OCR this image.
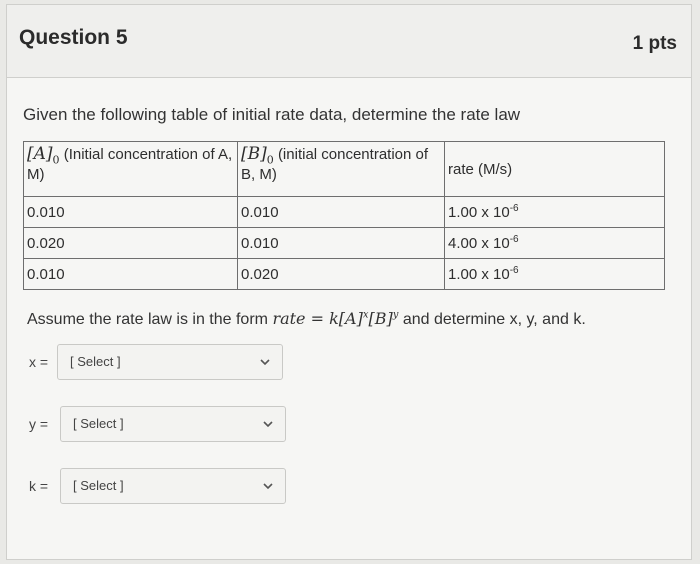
Question 5	1 pts
Given the following table of initial rate data, determine the rate law
$[A]_0$ (Initial concentration of A, M)	$[B]_0$ (initial concentration of B, M)	rate (M/s)
0.010	0.010	1.00 x $10^{-6}$
0.020	0.010	4.00 x $10^{-6}$
0.010	0.020	1.00 x $10^{-6}$
Assume the rate law is in the form rate = $k[A]^x[B]^y$ and determine x, y, and k.
x = [ Select ]
y = [ Select ]
k = [ Select ]
